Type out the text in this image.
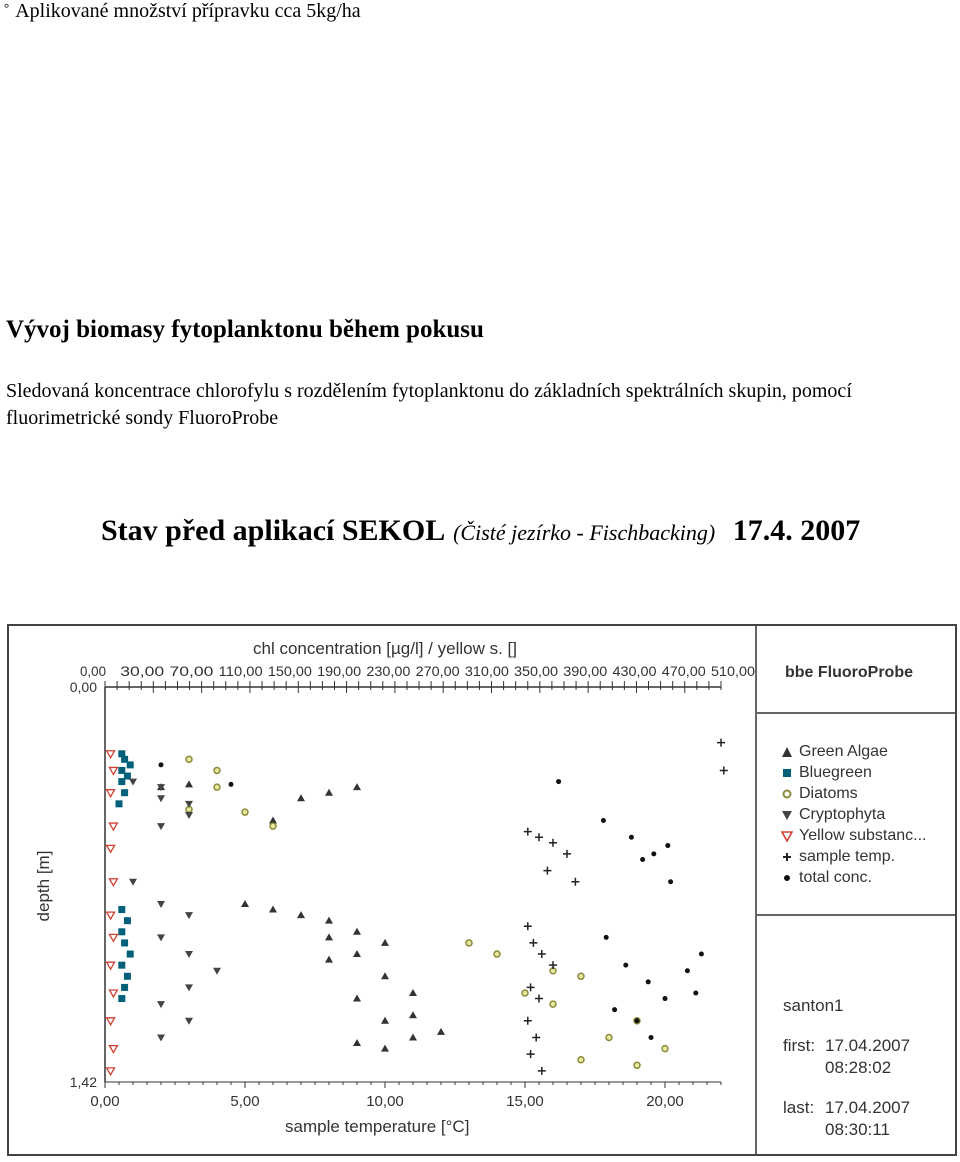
° Aplikované množství přípravku cca 5kg/ha
Vývoj biomasy fytoplanktonu během pokusu

Sledovaná koncentrace chlorofylu s rozdělením fytoplanktonu do základních spektrálních skupin, pomocí fluorimetrické sondy FluoroProbe

Stav před aplikací SEKOL (Čisté jezírko - Fischbacking) 17.4. 2007
0,00 30,00 70,00 110,00 150,00 190,00 230,00 270,00 310,00 350,00 390,00 430,00 470,00 510,00
chl concentration [µg/l] / yellow s. []
0,00	5,00	10,00	15,00	20,00
sample temperature [°C]
0,00
1,42
depth [m]
bbe FluoroProbe
Green Algae
Bluegreen
Diatoms
Cryptophyta
Yellow substanc...
sample temp.
total conc.
santon1
first: 17.04.2007
08:28:02
last: 17.04.2007
08:30:11
